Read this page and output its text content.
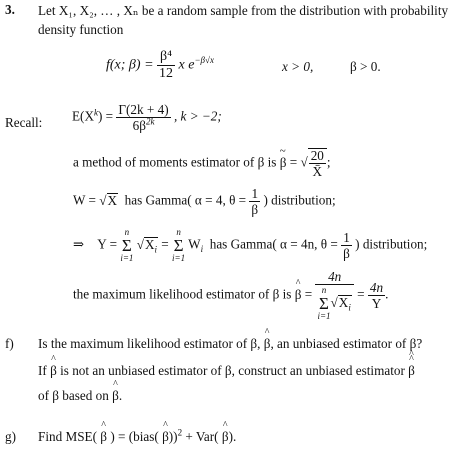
3. Let X₁, X₂, … , Xₙ be a random sample from the distribution with probability
density function
f(x; $\beta) = \frac{\text{β⁴}}{12}$ x $e^{-\beta√x}$	x > 0,	β > 0.
Recall: $E(X^k) = \frac{\Gamma(2k + 4)}{6\beta^{2k}}$ , k > −2;
a method of moments estimator of β is β ~ = √ $\frac{20}{X̄}$ ;
W = √X has Gamma( α = 4, $\theta = \frac{1}{\beta}$ ) distribution;
⇒ Y = n
Σ
i=1 $√X_i = n$
Σ
i=1 $W_i$ has Gamma( α = 4n, $\theta = \frac{1}{\beta}$ ) distribution;
the maximum likelihood estimator of β is β ^ = 4n
n
Σ
$i=1√X_i = \frac{4n}{Y}$ .
f) Is the maximum likelihood estimator of β, β ^, an unbiased estimator of β?
If β ^ is not an unbiased estimator of β, construct an unbiased estimator ^ β ^
of β based on β ^.
g) Find MSE( β ^ ) = (bias( β ^))$^2$ + Var( β ^).
